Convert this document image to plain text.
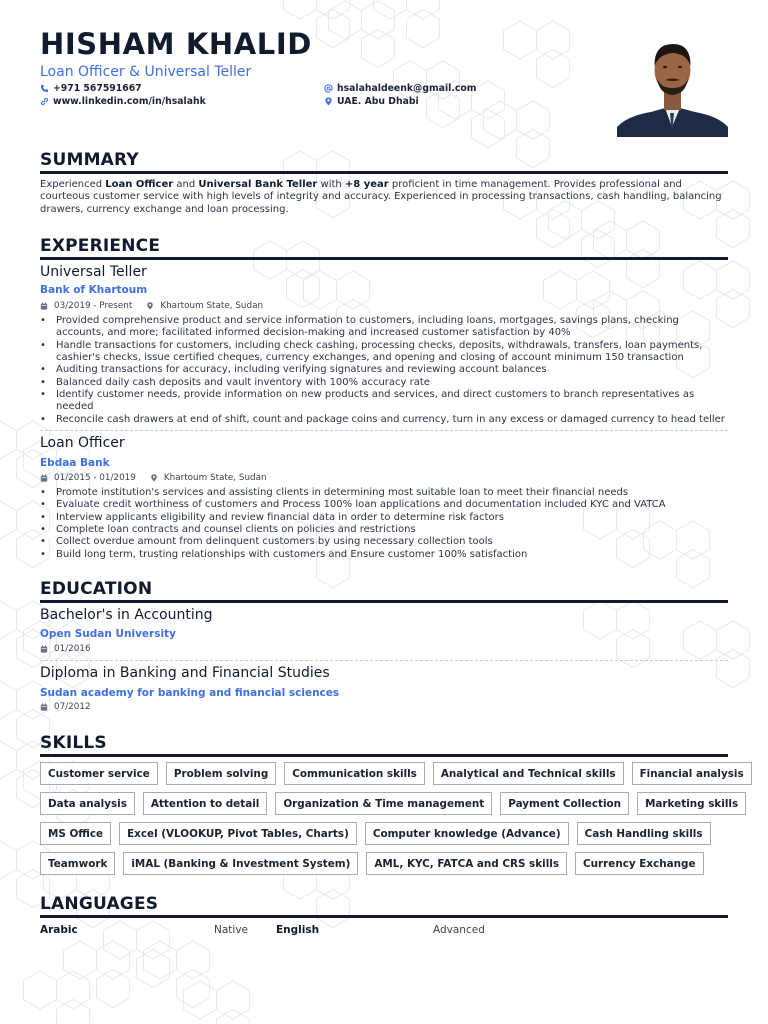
HISHAM KHALID
Loan Officer & Universal Teller
+971 567591667
www.linkedin.com/in/hsalahk
hsalahaldeenk@gmail.com
UAE. Abu Dhabi
SUMMARY
Experienced Loan Officer and Universal Bank Teller with +8 year proficient in time management. Provides professional and courteous customer service with high levels of integrity and accuracy. Experienced in processing transactions, cash handling, balancing drawers, currency exchange and loan processing.
EXPERIENCE
Universal Teller
Bank of Khartoum
03/2019 - Present	Khartoum State, Sudan
• Provided comprehensive product and service information to customers, including loans, mortgages, savings plans, checking accounts, and more; facilitated informed decision-making and increased customer satisfaction by 40%
• Handle transactions for customers, including check cashing, processing checks, deposits, withdrawals, transfers, loan payments, cashier's checks, issue certified cheques, currency exchanges, and opening and closing of account minimum 150 transaction
• Auditing transactions for accuracy, including verifying signatures and reviewing account balances
• Balanced daily cash deposits and vault inventory with 100% accuracy rate
• Identify customer needs, provide information on new products and services, and direct customers to branch representatives as needed
• Reconcile cash drawers at end of shift, count and package coins and currency, turn in any excess or damaged currency to head teller
Loan Officer
Ebdaa Bank
01/2015 - 01/2019	Khartoum State, Sudan
• Promote institution's services and assisting clients in determining most suitable loan to meet their financial needs
• Evaluate credit worthiness of customers and Process 100% loan applications and documentation included KYC and VATCA
• Interview applicants eligibility and review financial data in order to determine risk factors
• Complete loan contracts and counsel clients on policies and restrictions
• Collect overdue amount from delinquent customers by using necessary collection tools
• Build long term, trusting relationships with customers and Ensure customer 100% satisfaction
EDUCATION
Bachelor's in Accounting
Open Sudan University
01/2016
Diploma in Banking and Financial Studies
Sudan academy for banking and financial sciences
07/2012
SKILLS
Customer service	Problem solving	Communication skills	Analytical and Technical skills	Financial analysis
Data analysis	Attention to detail	Organization & Time management	Payment Collection	Marketing skills
MS Office	Excel (VLOOKUP, Pivot Tables, Charts)	Computer knowledge (Advance)	Cash Handling skills
Teamwork	iMAL (Banking & Investment System)	AML, KYC, FATCA and CRS skills	Currency Exchange
LANGUAGES
Arabic	Native	English	Advanced
